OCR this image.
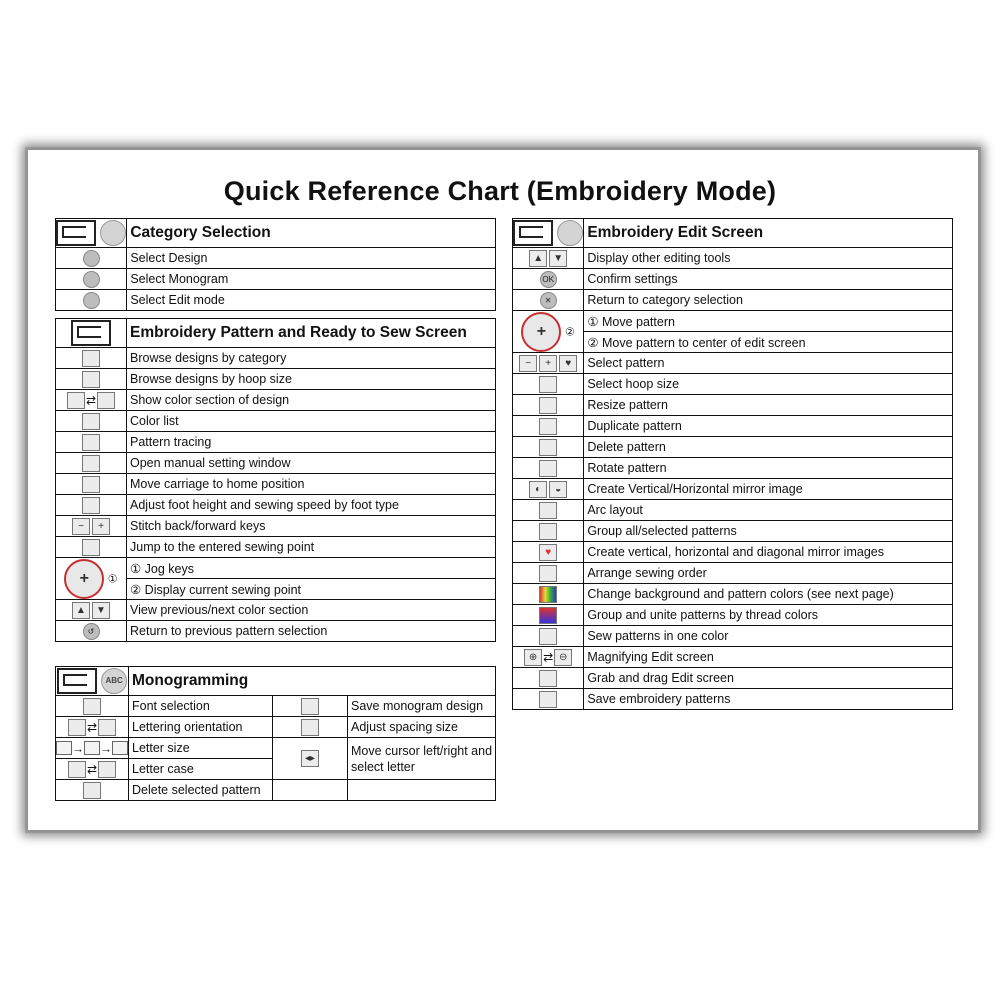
Quick Reference Chart (Embroidery Mode)
	Category Selection
	Select Design
	Select Monogram
	Select Edit mode
	Embroidery Pattern and Ready to Sew Screen
	Browse designs by category
	Browse designs by hoop size
⇄	Show color section of design
	Color list
	Pattern tracing
	Open manual setting window
	Move carriage to home position
	Adjust foot height and sewing speed by foot type
− +	Stitch back/forward keys
	Jump to the entered sewing point
+ ①	① Jog keys
	② Display current sewing point
▲ ▼	View previous/next color section
↺	Return to previous pattern selection
ABC	Monogramming		
	Font selection		Save monogram design
⇄	Lettering orientation		Adjust spacing size
→ →	Letter size	◂▸	Move cursor left/right and select letter
⇄	Letter case		
	Delete selected pattern		
	Embroidery Edit Screen
▲ ▼	Display other editing tools
OK	Confirm settings
✕	Return to category selection
+ ②	① Move pattern
	② Move pattern to center of edit screen
− + ♥	Select pattern
	Select hoop size
	Resize pattern
	Duplicate pattern
	Delete pattern
	Rotate pattern
◐ ◒	Create Vertical/Horizontal mirror image
	Arc layout
	Group all/selected patterns
♥	Create vertical, horizontal and diagonal mirror images
	Arrange sewing order
	Change background and pattern colors (see next page)
	Group and unite patterns by thread colors
	Sew patterns in one color
⊕ ⇄ ⊖	Magnifying Edit screen
	Grab and drag Edit screen
	Save embroidery patterns
